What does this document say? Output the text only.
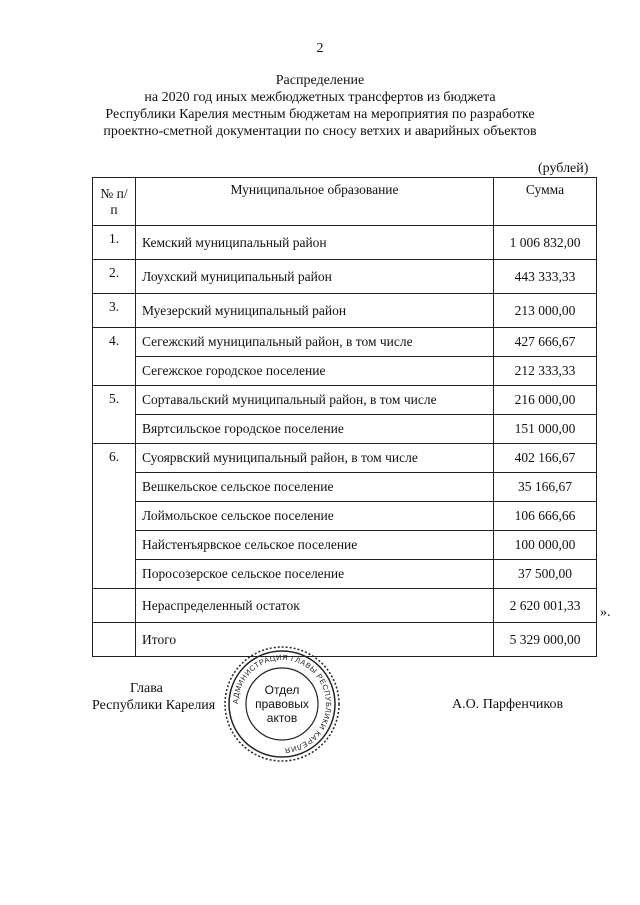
2
Распределение
на 2020 год иных межбюджетных трансфертов из бюджета
Республики Карелия местным бюджетам на мероприятия по разработке
проектно-сметной документации по сносу ветхих и аварийных объектов
(рублей)
№ п/п	Муниципальное образование	Сумма
1.	Кемский муниципальный район	1 006 832,00
2.	Лоухский муниципальный район	443 333,33
3.	Муезерский муниципальный район	213 000,00
4.	Сегежский муниципальный район, в том числе	427 666,67
	Сегежское городское поселение	212 333,33
5.	Сортавальский муниципальный район, в том числе	216 000,00
	Вяртсильское городское поселение	151 000,00
6.	Суоярвский муниципальный район, в том числе	402 166,67
	Вешкельское сельское поселение	35 166,67
	Лоймольское сельское поселение	106 666,66
	Найстенъярвское сельское поселение	100 000,00
	Поросозерское сельское поселение	37 500,00
	Нераспределенный остаток	2 620 001,33
	Итого	5 329 000,00
».
Глава
Республики Карелия	А.О. Парфенчиков
АДМИНИСТРАЦИЯ ГЛАВЫ РЕСПУБЛИКИ КАРЕЛИЯ
Отдел
правовых
актов
